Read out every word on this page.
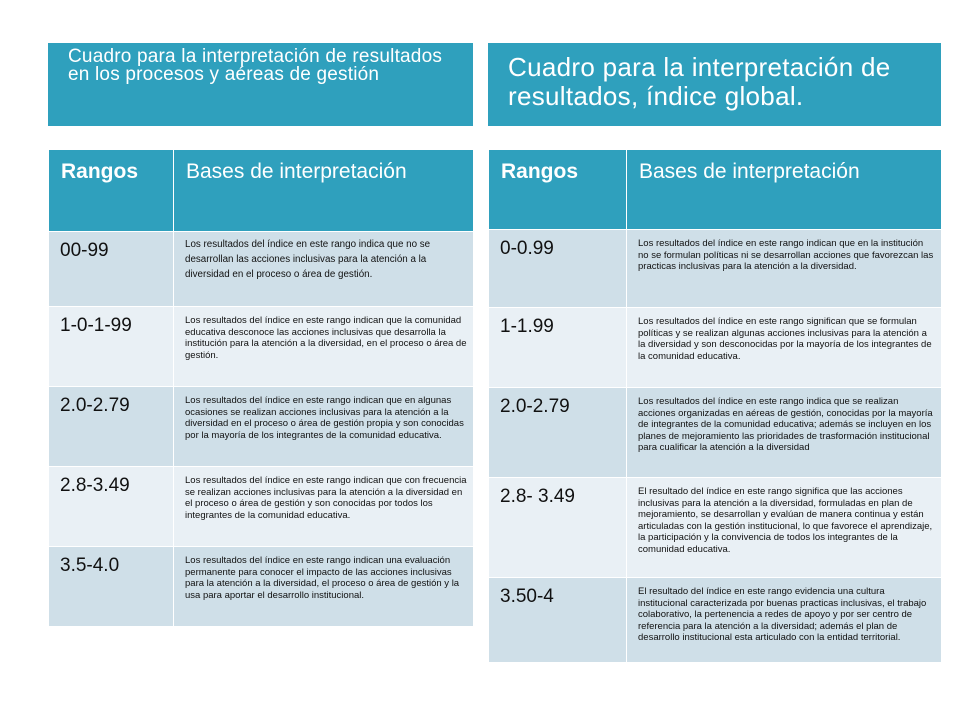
Cuadro para la interpretación de resultados en los procesos y aéreas de gestión	Cuadro para la interpretación de resultados, índice global.
Rangos	Bases de interpretación
00-99	Los resultados del índice en este rango indica que no se desarrollan las acciones inclusivas para la atención a la diversidad en el proceso o área de gestión.
1-0-1-99	Los resultados del índice en este rango indican que la comunidad educativa desconoce las acciones inclusivas que desarrolla la institución para la atención a la diversidad, en el proceso o área de gestión.
2.0-2.79	Los resultados del índice en este rango indican que en algunas ocasiones se realizan acciones inclusivas para la atención a la diversidad en el proceso o área de gestión propia y son conocidas por la mayoría de los integrantes de la comunidad educativa.
2.8-3.49	Los resultados del índice en este rango indican que con frecuencia se realizan acciones inclusivas para la atención a la diversidad en el proceso o área de gestión y son conocidas por todos los integrantes de la comunidad educativa.
3.5-4.0	Los resultados del índice en este rango indican una evaluación permanente para conocer el impacto de las acciones inclusivas para la atención a la diversidad, el proceso o área de gestión y la usa para aportar el desarrollo institucional.
Rangos	Bases de interpretación
0-0.99	Los resultados del índice en este rango indican que en la institución no se formulan políticas ni se desarrollan acciones que favorezcan las practicas inclusivas para la atención a la diversidad.
1-1.99	Los resultados del índice en este rango significan que se formulan políticas y se realizan algunas acciones inclusivas para la atención a la diversidad y son desconocidas por la mayoría de los integrantes de la comunidad educativa.
2.0-2.79	Los resultados del índice en este rango indica que se realizan acciones organizadas en aéreas de gestión, conocidas por la mayoría de integrantes de la comunidad educativa; además se incluyen en los planes de mejoramiento las prioridades de trasformación institucional para cualificar la atención a la diversidad
2.8- 3.49	El resultado del índice en este rango significa que las acciones inclusivas para la atención a la diversidad, formuladas en plan de mejoramiento, se desarrollan y evalúan de manera continua y están articuladas con la gestión institucional, lo que favorece el aprendizaje, la participación y la convivencia de todos los integrantes de la comunidad educativa.
3.50-4	El resultado del índice en este rango evidencia una cultura institucional caracterizada por buenas practicas inclusivas, el trabajo colaborativo, la pertenencia a redes de apoyo y por ser centro de referencia para la atención a la diversidad; además el plan de desarrollo institucional esta articulado con la entidad territorial.
